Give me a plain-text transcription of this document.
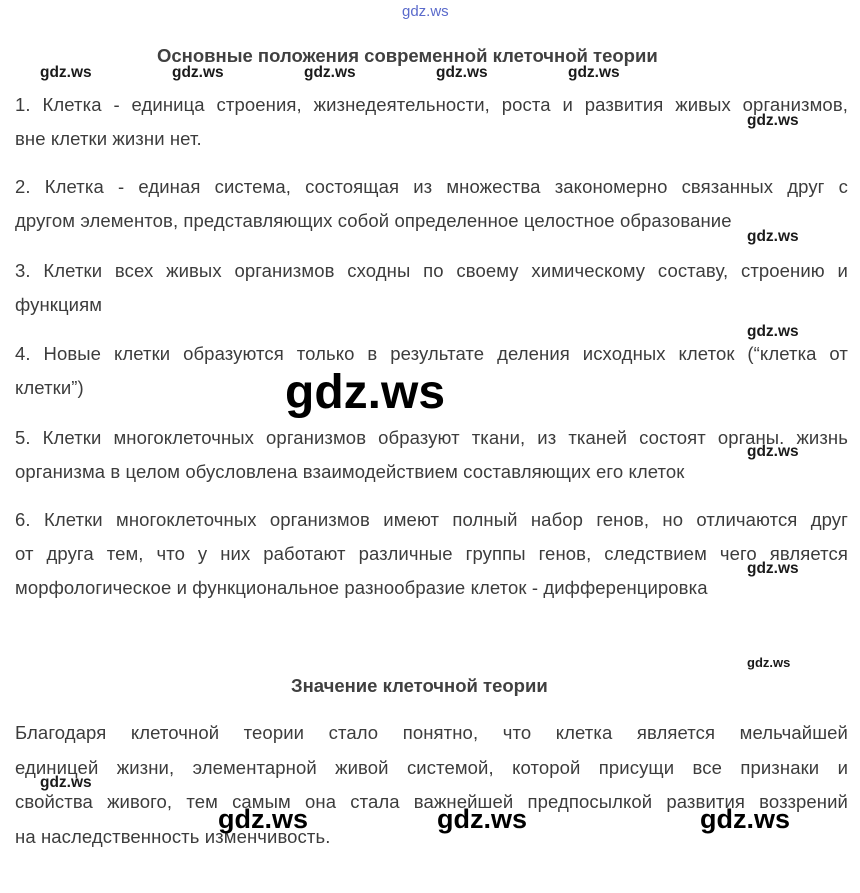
gdz.ws
Основные положения современной клеточной теории
gdz.ws	gdz.ws	gdz.ws	gdz.ws	gdz.ws
1. Клетка - единица строения, жизнедеятельности, роста и развития живых организмов,
gdz.ws
вне клетки жизни нет.
2. Клетка - единая система, состоящая из множества закономерно связанных друг с
другом элементов, представляющих собой определенное целостное образование
gdz.ws
3. Клетки всех живых организмов сходны по своему химическому составу, строению и
функциям
gdz.ws
4. Новые клетки образуются только в результате деления исходных клеток (“клетка от
клетки”)	gdz.ws
5. Клетки многоклеточных организмов образуют ткани, из тканей состоят органы. жизнь
gdz.ws
организма в целом обусловлена взаимодействием составляющих его клеток
6. Клетки многоклеточных организмов имеют полный набор генов, но отличаются друг
от друга тем, что у них работают различные группы генов, следствием чего является
gdz.ws
морфологическое и функциональное разнообразие клеток - дифференцировка
gdz.ws
Значение клеточной теории
Благодаря клеточной теории стало понятно, что клетка является мельчайшей
единицей жизни, элементарной живой системой, которой присущи все признаки и
gdz.ws
свойства живого, тем самым она стала важнейшей предпосылкой развития воззрений
на наследственность изменчивость.
gdz.ws	gdz.ws	gdz.ws
